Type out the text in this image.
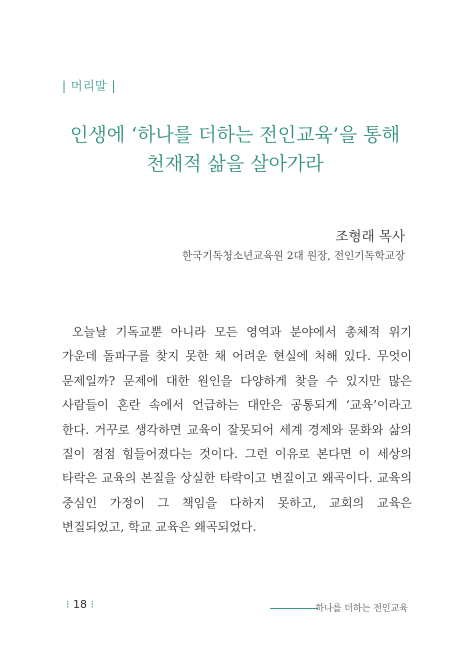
| 머리말 |
인생에 ‘하나를 더하는 전인교육’을 통해
천재적 삶을 살아가라
조형래 목사
한국기독청소년교육원 2대 원장, 전인기독학교장

오늘날 기독교뿐 아니라 모든 영역과 분야에서 총체적 위기 가운데 돌파구를 찾지 못한 채 어려운 현실에 처해 있다. 무엇이 문제일까? 문제에 대한 원인을 다양하게 찾을 수 있지만 많은 사람들이 혼란 속에서 언급하는 대안은 공통되게 ‘교육’이라고 한다. 거꾸로 생각하면 교육이 잘못되어 세계 경제와 문화와 삶의 질이 점점 힘들어졌다는 것이다. 그런 이유로 본다면 이 세상의 타락은 교육의 본질을 상실한 타락이고 변질이고 왜곡이다. 교육의 중심인 가정이 그 책임을 다하지 못하고, 교회의 교육은 변질되었고, 학교 교육은 왜곡되었다.

⁝ 18 ⁝	하나를 더하는 전인교육
